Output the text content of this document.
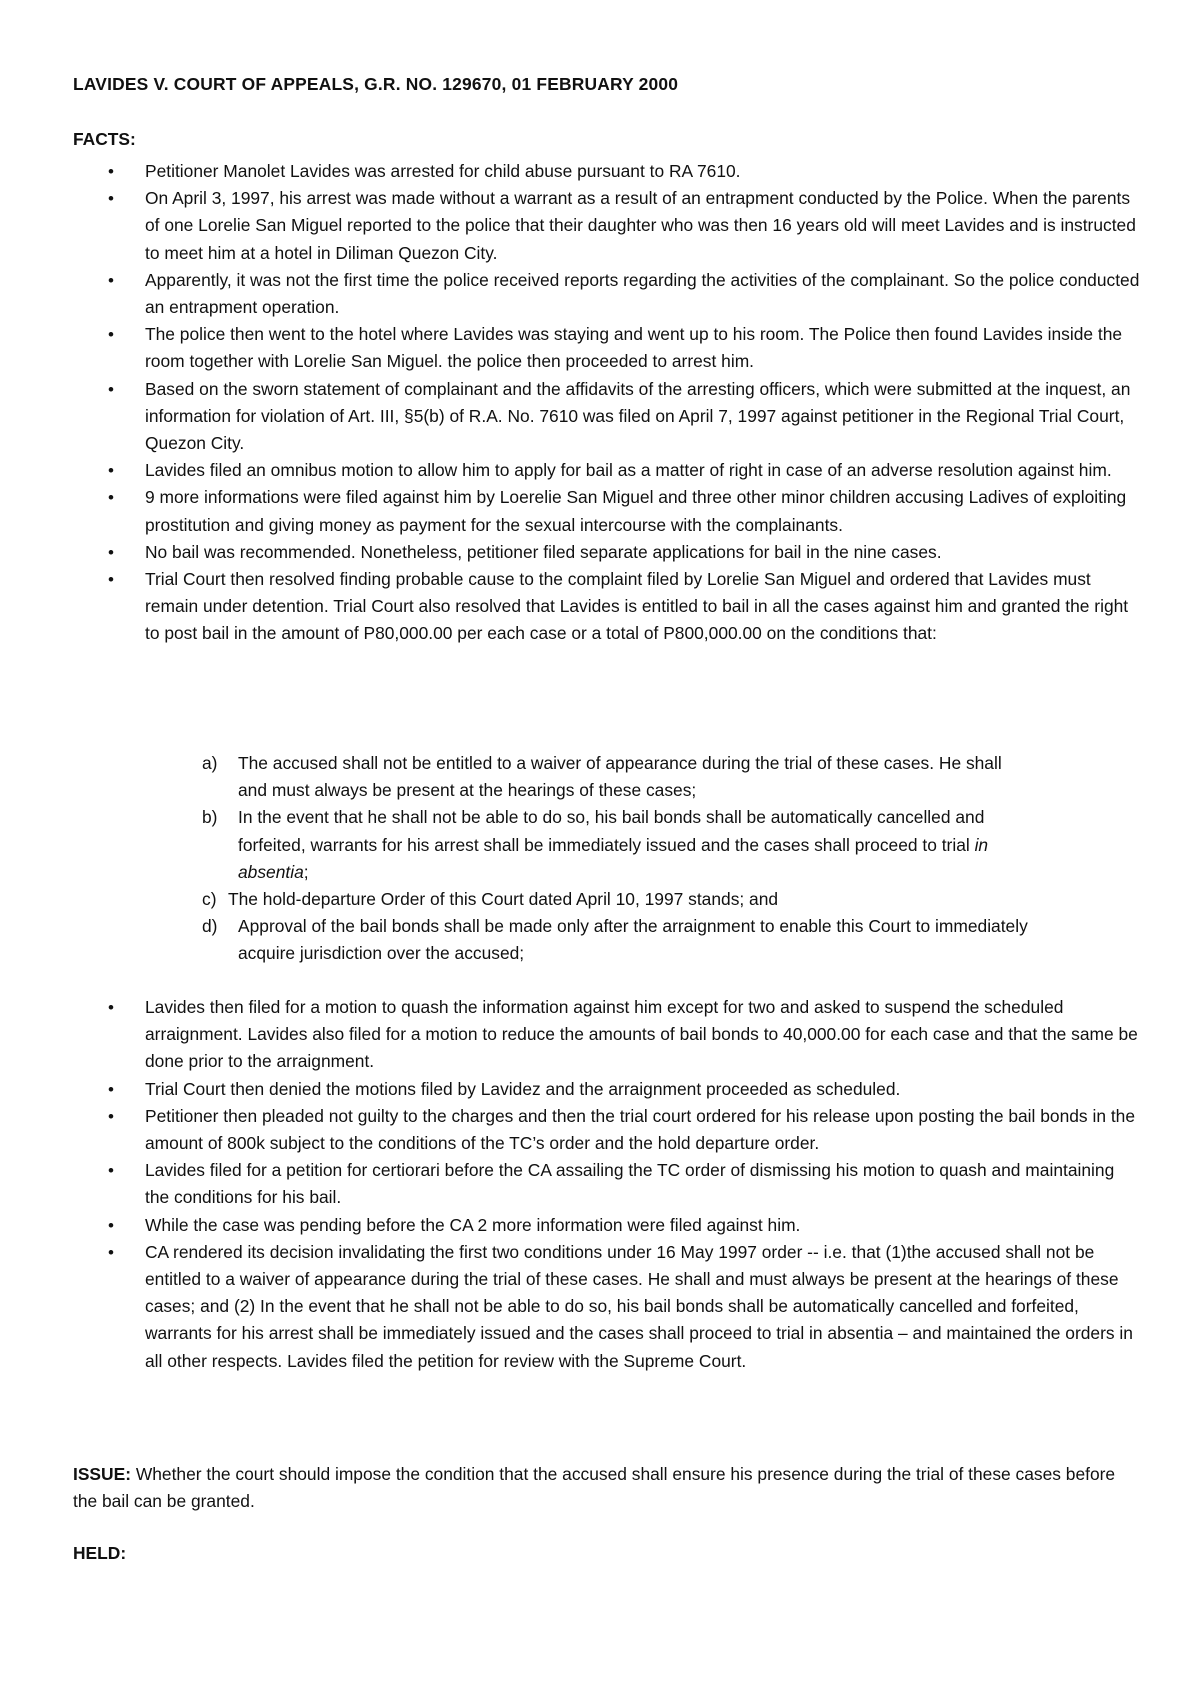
LAVIDES V. COURT OF APPEALS, G.R. NO. 129670, 01 FEBRUARY 2000
FACTS:
• Petitioner Manolet Lavides was arrested for child abuse pursuant to RA 7610.
• On April 3, 1997, his arrest was made without a warrant as a result of an entrapment conducted by the Police. When the parents of one Lorelie San Miguel reported to the police that their daughter who was then 16 years old will meet Lavides and is instructed to meet him at a hotel in Diliman Quezon City.
• Apparently, it was not the first time the police received reports regarding the activities of the complainant. So the police conducted an entrapment operation.
• The police then went to the hotel where Lavides was staying and went up to his room. The Police then found Lavides inside the room together with Lorelie San Miguel. the police then proceeded to arrest him.
• Based on the sworn statement of complainant and the affidavits of the arresting officers, which were submitted at the inquest, an information for violation of Art. III, §5(b) of R.A. No. 7610 was filed on April 7, 1997 against petitioner in the Regional Trial Court, Quezon City.
• Lavides filed an omnibus motion to allow him to apply for bail as a matter of right in case of an adverse resolution against him.
• 9 more informations were filed against him by Loerelie San Miguel and three other minor children accusing Ladives of exploiting prostitution and giving money as payment for the sexual intercourse with the complainants.
• No bail was recommended. Nonetheless, petitioner filed separate applications for bail in the nine cases.
• Trial Court then resolved finding probable cause to the complaint filed by Lorelie San Miguel and ordered that Lavides must remain under detention. Trial Court also resolved that Lavides is entitled to bail in all the cases against him and granted the right to post bail in the amount of P80,000.00 per each case or a total of P800,000.00 on the conditions that:
a) The accused shall not be entitled to a waiver of appearance during the trial of these cases. He shall and must always be present at the hearings of these cases;
b) In the event that he shall not be able to do so, his bail bonds shall be automatically cancelled and forfeited, warrants for his arrest shall be immediately issued and the cases shall proceed to trial in absentia;
c) The hold-departure Order of this Court dated April 10, 1997 stands; and
d) Approval of the bail bonds shall be made only after the arraignment to enable this Court to immediately acquire jurisdiction over the accused;
• Lavides then filed for a motion to quash the information against him except for two and asked to suspend the scheduled arraignment. Lavides also filed for a motion to reduce the amounts of bail bonds to 40,000.00 for each case and that the same be done prior to the arraignment.
• Trial Court then denied the motions filed by Lavidez and the arraignment proceeded as scheduled.
• Petitioner then pleaded not guilty to the charges and then the trial court ordered for his release upon posting the bail bonds in the amount of 800k subject to the conditions of the TC’s order and the hold departure order.
• Lavides filed for a petition for certiorari before the CA assailing the TC order of dismissing his motion to quash and maintaining the conditions for his bail.
• While the case was pending before the CA 2 more information were filed against him.
• CA rendered its decision invalidating the first two conditions under 16 May 1997 order -- i.e. that (1)the accused shall not be entitled to a waiver of appearance during the trial of these cases. He shall and must always be present at the hearings of these cases; and (2) In the event that he shall not be able to do so, his bail bonds shall be automatically cancelled and forfeited, warrants for his arrest shall be immediately issued and the cases shall proceed to trial in absentia – and maintained the orders in all other respects. Lavides filed the petition for review with the Supreme Court.
ISSUE: Whether the court should impose the condition that the accused shall ensure his presence during the trial of these cases before the bail can be granted.
HELD:
